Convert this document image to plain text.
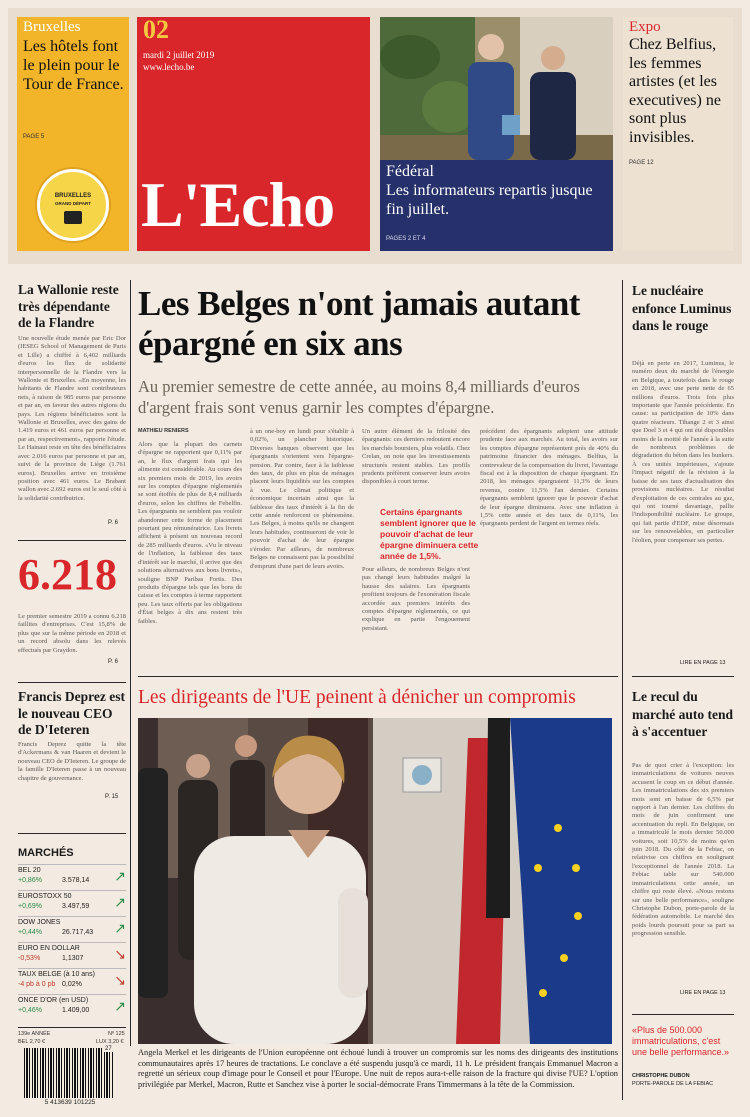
Bruxelles
Les hôtels font le plein pour le Tour de France.
PAGE 5
BRUXELLES
GRAND DÉPART
02
mardi 2 juillet 2019
www.lecho.be
L'Echo	Fédéral
Les informateurs repartis jusque fin juillet.
PAGES 2 ET 4
Expo
Chez Belfius, les femmes artistes (et les executives) ne sont plus invisibles.
PAGE 12
La Wallonie reste très dépendante de la Flandre
Une nouvelle étude menée par Eric Dor (IESEG School of Management de Paris et Lille) a chiffré à 6,402 milliards d'euros les flux de solidarité interpersonnelle de la Flandre vers la Wallonie et Bruxelles. «En moyenne, les habitants de Flandre sont contributeurs nets, à raison de 985 euros par personne et par an, en faveur des autres régions du pays. Les régions bénéficiaires sont la Wallonie et Bruxelles, avec des gains de 1.419 euros et 461 euros par personne et par an, respectivement», rapporte l'étude. Le Hainaut reste en tête des bénéficiaires avec 2.016 euros par personne et par an, suivi de la province de Liège (1.761 euros). Bruxelles arrive en troisième position avec 461 euros. Le Brabant wallon avec 2.692 euros est le seul côté à la solidarité contributrice.
P. 6
6.218
Le premier semestre 2019 a connu 6.218 faillites d'entreprises. C'est 15,8% de plus que sur la même période en 2018 et un record absolu dans les relevés effectués par Graydon.
P. 6
Francis Deprez est le nouveau CEO de D'Ieteren
Francis Deprez quitte la tête d'Ackermans & van Haaren et devient le nouveau CEO de D'Ieteren. Le groupe de la famille D'Ieteren passe à un nouveau chapitre de gouvernance.
P. 15
MARCHÉS
BEL 20
+0,86%	3.578,14 ↗
EUROSTOXX 50
+0,69%	3.497,59 ↗
DOW JONES
+0,44%	26.717,43 ↗
EURO EN DOLLAR
-0,53%	1,1307 ↘
TAUX BELGE (à 10 ans)
-4 pb à 0 pb 0,02% ↘
ONCE D'OR (en USD)
+0,46%	1.409,00 ↗
139e ANNÉE	Nº 125
BEL 2,70 €	LUX 3,20 €
27
5 413639 101225
Les Belges n'ont jamais autant épargné en six ans
Au premier semestre de cette année, au moins 8,4 milliards d'euros d'argent frais sont venus garnir les comptes d'épargne.
MATHIEU RENIERS
Alors que la plupart des carnets d'épargne ne rapportent que 0,11% par an, le flux d'argent frais qui les alimente est considérable. Au cours des six premiers mois de 2019, les avoirs sur les comptes d'épargne réglementés se sont étoffés de plus de 8,4 milliards d'euros, selon les chiffres de Febelfin. Les épargnants ne semblent pas vouloir abandonner cette forme de placement pourtant peu rémunératrice. Les livrets affichent à présent un nouveau record de 285 milliards d'euros. «Vu le niveau de l'inflation, la faiblesse des taux d'intérêt sur le marché, il arrive que des solutions alternatives aux bons livrets», souligne BNP Paribas Fortis. Des produits d'épargne tels que les bons de caisse et les comptes à terme rapportent peu. Les taux offerts par les obligations d'État belges à dix ans restent très faibles.
à un one-boy en lundi pour s'établir à 0,02%, un plancher historique. Diverses banques observent que les épargnants s'orientent vers l'épargne-pension. Par contre, face à la faiblesse des taux, de plus en plus de ménages placent leurs liquidités sur les comptes à vue. Le climat politique et économique incertain ainsi que la faiblesse des taux d'intérêt à la fin de cette année renforcent ce phénomène. Les Belges, à moins qu'ils ne changent leurs habitudes, continueront de voir le pouvoir d'achat de leur épargne s'éroder. Par ailleurs, de nombreux Belges ne connaissent pas la possibilité d'emprunt d'une part de leurs avoirs.
Un autre élément de la frilosité des épargnants: ces derniers redoutent encore les marchés boursiers, plus volatils. Chez Crelan, on note que les investissements structurés restent stables. Les profils prudents préfèrent conserver leurs avoirs disponibles à court terme.
Certains épargnants semblent ignorer que le pouvoir d'achat de leur épargne diminuera cette année de 1,5%.
Pour ailleurs, de nombreux Belges n'ont pas changé leurs habitudes malgré la hausse des salaires. Les épargnants profitent toujours de l'exonération fiscale accordée aux premiers intérêts des comptes d'épargne réglementés, ce qui explique en partie l'engouement persistant.
précédent des épargnants adoptent une attitude prudente face aux marchés. Au total, les avoirs sur les comptes d'épargne représentent près de 40% du patrimoine financier des ménages. Belfius, la contrevaleur de la compensation du livret, l'avantage fiscal est à la disposition de chaque épargnant. En 2018, les ménages épargnaient 11,3% de leurs revenus, contre 11,5% l'an dernier. Certains épargnants semblent ignorer que le pouvoir d'achat de leur épargne diminuera. Avec une inflation à 1,5% cette année et des taux de 0,11%, les épargnants perdent de l'argent en termes réels.
Les dirigeants de l'UE peinent à dénicher un compromis
Angela Merkel et les dirigeants de l'Union européenne ont échoué lundi à trouver un compromis sur les noms des dirigeants des institutions communautaires après 17 heures de tractations. Le conclave a été suspendu jusqu'à ce mardi, 11 h. Le président français Emmanuel Macron a regretté un sérieux coup d'image pour le Conseil et pour l'Europe. Une nuit de repos aura-t-elle raison de la fracture qui divise l'UE? L'option privilégiée par Merkel, Macron, Rutte et Sanchez vise à porter le social-démocrate Frans Timmermans à la tête de la Commission.
Le nucléaire enfonce Luminus dans le rouge
Déjà en perte en 2017, Luminus, le numéro deux du marché de l'énergie en Belgique, a toutefois dans le rouge en 2018, avec une perte nette de 65 millions d'euros. Trois fois plus importante que l'année précédente. En cause: sa participation de 10% dans quatre réacteurs. Tihange 2 et 3 ainsi que Doel 3 et 4 qui ont été disponibles moins de la moitié de l'année à la suite de nombreux problèmes de dégradation du béton dans les bunkers. À ces unités impérieuses, s'ajoute l'impact négatif de la révision à la baisse de ses taux d'actualisation des provisions nucléaires. Le résultat d'exploitation de ces centrales au gaz, qui ont tourné davantage, pallie l'indisponibilité nucléaire. Le groupe, qui fait partie d'EDF, mise désormais sur les renouvelables, en particulier l'éolien, pour compenser ses pertes.
LIRE EN PAGE 13
Le recul du marché auto tend à s'accentuer
Pas de quoi crier à l'exception: les immatriculations de voitures neuves accusent le coup en ce début d'année. Les immatriculations des six premiers mois sont en baisse de 6,5% par rapport à l'an dernier. Les chiffres du mois de juin confirment une accentuation du repli. En Belgique, on a immatriculé le mois dernier 50.000 voitures, soit 10,5% de moins qu'en juin 2018. Du côté de la Febiac, on relativise ces chiffres en soulignant l'exceptionnel de l'année 2018. La Febiac table sur 540.000 immatriculations cette année, un chiffre qui reste élevé. «Nous restons sur une belle performance», souligne Christophe Dubon, porte-parole de la fédération automobile. Le marché des poids lourds poursuit pour sa part sa progression sensible.
LIRE EN PAGE 13
«Plus de 500.000 immatriculations, c'est une belle performance.»
CHRISTOPHE DUBON
PORTE-PAROLE DE LA FEBIAC
